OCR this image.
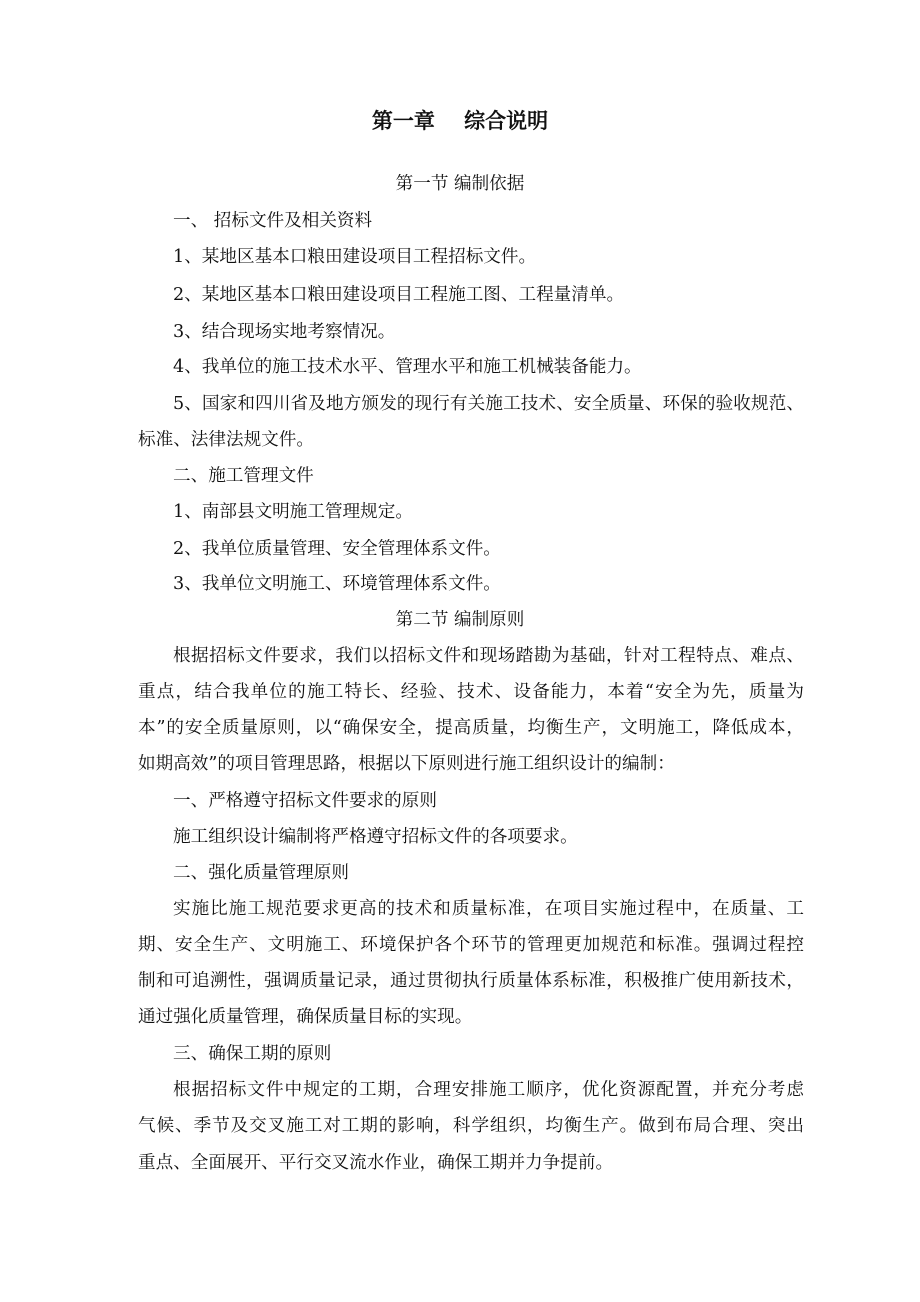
第一章    综合说明
第一节 编制依据
一、 招标文件及相关资料
1、某地区基本口粮田建设项目工程招标文件。
2、某地区基本口粮田建设项目工程施工图、工程量清单。
3、结合现场实地考察情况。
4、我单位的施工技术水平、管理水平和施工机械装备能力。
5、国家和四川省及地方颁发的现行有关施工技术、安全质量、环保的验收规范、
标准、法律法规文件。
二、施工管理文件
1、南部县文明施工管理规定。
2、我单位质量管理、安全管理体系文件。
3、我单位文明施工、环境管理体系文件。
第二节 编制原则
根据招标文件要求，我们以招标文件和现场踏勘为基础，针对工程特点、难点、
重点，结合我单位的施工特长、经验、技术、设备能力，本着“安全为先，质量为
本”的安全质量原则，以“确保安全，提高质量，均衡生产，文明施工，降低成本，
如期高效”的项目管理思路，根据以下原则进行施工组织设计的编制：
一、严格遵守招标文件要求的原则
施工组织设计编制将严格遵守招标文件的各项要求。
二、强化质量管理原则
实施比施工规范要求更高的技术和质量标准，在项目实施过程中，在质量、工
期、安全生产、文明施工、环境保护各个环节的管理更加规范和标准。强调过程控
制和可追溯性，强调质量记录，通过贯彻执行质量体系标准，积极推广使用新技术，
通过强化质量管理，确保质量目标的实现。
三、确保工期的原则
根据招标文件中规定的工期，合理安排施工顺序，优化资源配置，并充分考虑
气候、季节及交叉施工对工期的影响，科学组织，均衡生产。做到布局合理、突出
重点、全面展开、平行交叉流水作业，确保工期并力争提前。
